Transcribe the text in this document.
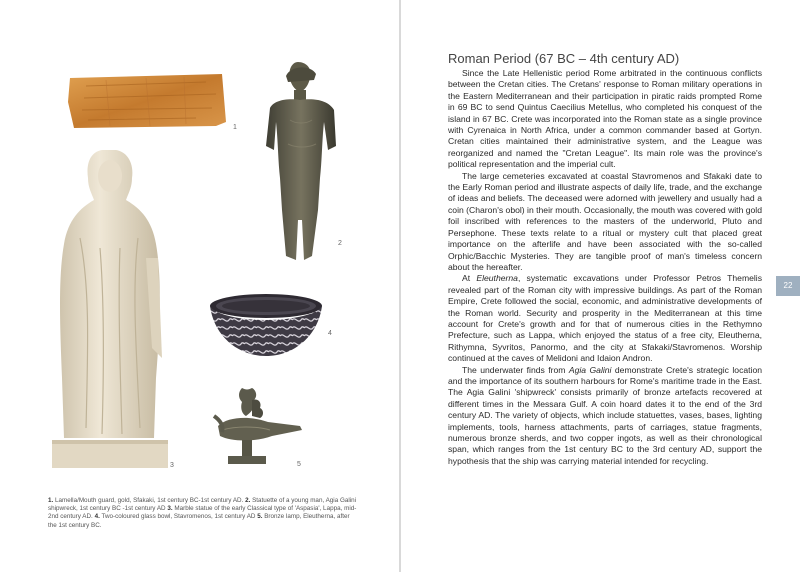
1
2
3
4
5
1. Lamella/Mouth guard, gold, Sfakaki, 1st century BC-1st century AD. 2. Statuette of a young man, Agia Galini shipwreck, 1st century BC -1st century AD 3. Marble statue of the early Classical type of 'Aspasia', Lappa, mid-2nd century AD. 4. Two-coloured glass bowl, Stavromenos, 1st century AD 5. Bronze lamp, Eleutherna, after the 1st century BC.
Roman Period (67 BC – 4th century AD)

Since the Late Hellenistic period Rome arbitrated in the continuous conflicts between the Cretan cities. The Cretans' response to Roman military operations in the Eastern Mediterranean and their participation in piratic raids prompted Rome in 69 BC to send Quintus Caecilius Metellus, who completed his conquest of the island in 67 BC. Crete was incorporated into the Roman state as a single province with Cyrenaica in North Africa, under a common commander based at Gortyn. Cretan cities maintained their administrative system, and the League was reorganized and named the "Cretan League". Its main role was the province's political representation and the imperial cult.

The large cemeteries excavated at coastal Stavromenos and Sfakaki date to the Early Roman period and illustrate aspects of daily life, trade, and the exchange of ideas and beliefs. The deceased were adorned with jewellery and usually had a coin (Charon's obol) in their mouth. Occasionally, the mouth was covered with gold foil inscribed with references to the masters of the underworld, Pluto and Persephone. These texts relate to a ritual or mystery cult that placed great importance on the afterlife and have been associated with the so-called Orphic/Bacchic Mysteries. They are tangible proof of man's timeless concern about the hereafter.

At Eleutherna, systematic excavations under Professor Petros Themelis revealed part of the Roman city with impressive buildings. As part of the Roman Empire, Crete followed the social, economic, and administrative developments of the Roman world. Security and prosperity in the Mediterranean at this time account for Crete's growth and for that of numerous cities in the Rethymno Prefecture, such as Lappa, which enjoyed the status of a free city, Eleutherna, Rithymna, Syvritos, Panormo, and the city at Sfakaki/Stavromenos. Worship continued at the caves of Melidoni and Idaion Andron.

The underwater finds from Agia Galini demonstrate Crete's strategic location and the importance of its southern harbours for Rome's maritime trade in the East. The Agia Galini 'shipwreck' consists primarily of bronze artefacts recovered at different times in the Messara Gulf. A coin hoard dates it to the end of the 3rd century AD. The variety of objects, which include statuettes, vases, bases, lighting implements, tools, harness attachments, parts of carriages, statue fragments, numerous bronze sherds, and two copper ingots, as well as their chronological span, which ranges from the 1st century BC to the 3rd century AD, support the hypothesis that the ship was carrying material intended for recycling.

22
